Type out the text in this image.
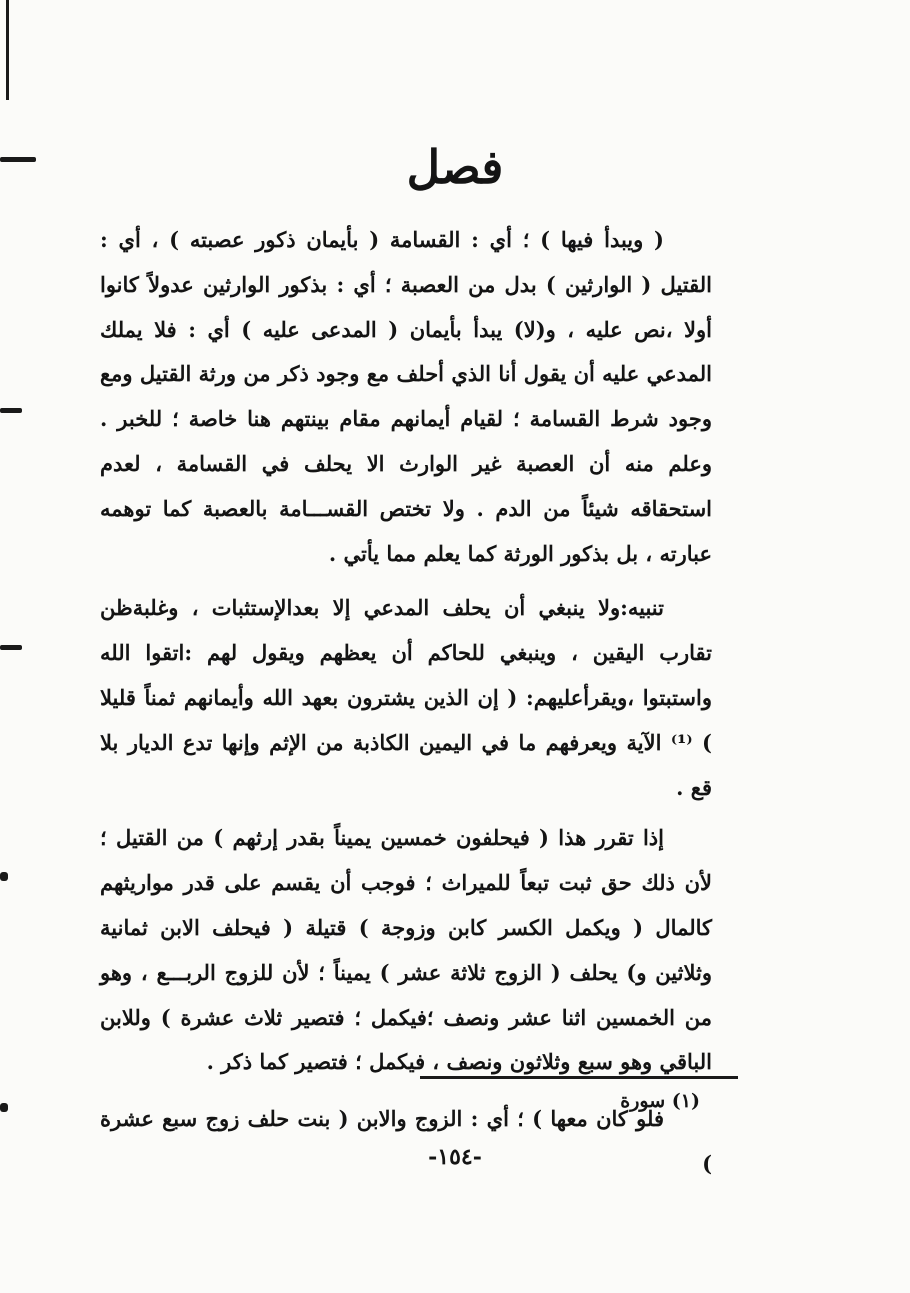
فصل

( ويبدأ فيها ) ؛ أي : القسامة ( بأيمان ذكور عصبته ) ، أي : القتيل ( الوارثين ) بدل من العصبة ؛ أي : بذكور الوارثين عدولاً كانوا أولا ،نص عليه ، و(لا) يبدأ بأيمان ( المدعى عليه ) أي : فلا يملك المدعي عليه أن يقول أنا الذي أحلف مع وجود ذكر من ورثة القتيل ومع وجود شرط القسامة ؛ لقيام أيمانهم مقام بينتهم هنا خاصة ؛ للخبر . وعلم منه أن العصبة غير الوارث الا يحلف في القسامة ، لعدم استحقاقه شيئاً من الدم . ولا تختص القســـامة بالعصبة كما توهمه عبارته ، بل بذكور الورثة كما يعلم مما يأتي .

تنبيه:ولا ينبغي أن يحلف المدعي إلا بعدالإستثبات ، وغلبةظن تقارب اليقين ، وينبغي للحاكم أن يعظهم ويقول لهم :اتقوا الله واستبتوا ،ويقرأعليهم: ( إن الذين يشترون بعهد الله وأيمانهم ثمناً قليلا ) ⁽¹⁾ الآية ويعرفهم ما في اليمين الكاذبة من الإثم وإنها تدع الديار بلا قع .

إذا تقرر هذا ( فيحلفون خمسين يميناً بقدر إرثهم ) من القتيل ؛ لأن ذلك حق ثبت تبعاً للميراث ؛ فوجب أن يقسم على قدر مواريثهم كالمال ( ويكمل الكسر كابن وزوجة ) قتيلة ( فيحلف الابن ثمانية وثلاثين و) يحلف ( الزوج ثلاثة عشر ) يميناً ؛ لأن للزوج الربـــع ، وهو من الخمسين اثنا عشر ونصف ؛فيكمل ؛ فتصير ثلاث عشرة ) وللابن الباقي وهو سبع وثلاثون ونصف ، فيكمل ؛ فتصير كما ذكر .

فلو كان معها ) ؛ أي : الزوج والابن ( بنت حلف زوج سبع عشرة )

(١) سورة
-١٥٤-
